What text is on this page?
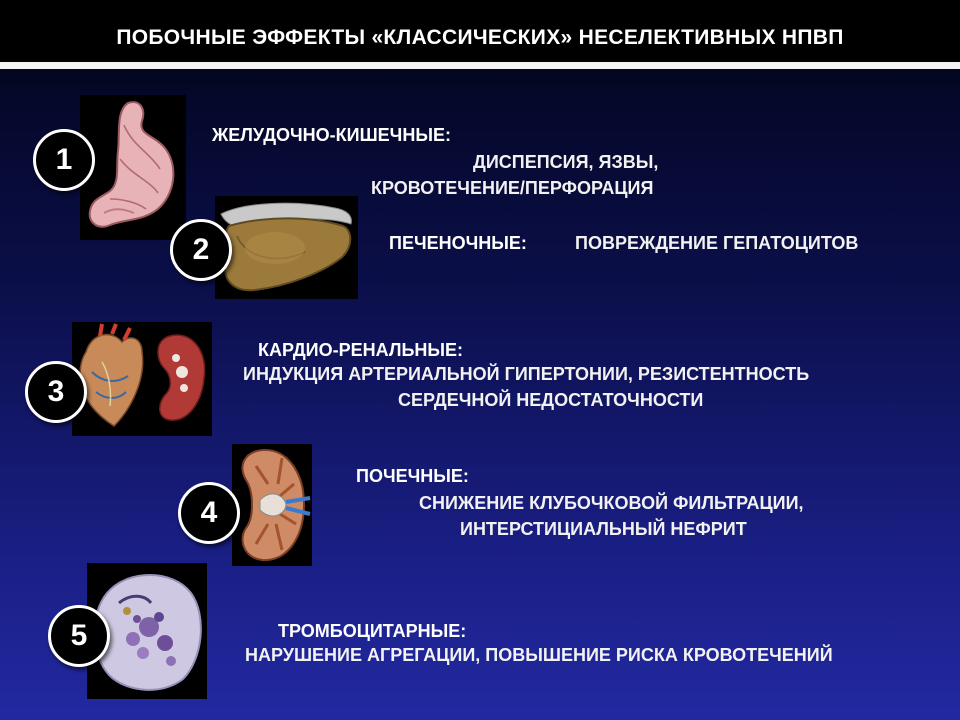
ПОБОЧНЫЕ ЭФФЕКТЫ «КЛАССИЧЕСКИХ» НЕСЕЛЕКТИВНЫХ НПВП
1
ЖЕЛУДОЧНО-КИШЕЧНЫЕ:
ДИСПЕПСИЯ, ЯЗВЫ,
КРОВОТЕЧЕНИЕ/ПЕРФОРАЦИЯ
2	ПЕЧЕНОЧНЫЕ:	ПОВРЕЖДЕНИЕ ГЕПАТОЦИТОВ
3
КАРДИО-РЕНАЛЬНЫЕ:
ИНДУКЦИЯ АРТЕРИАЛЬНОЙ ГИПЕРТОНИИ, РЕЗИСТЕНТНОСТЬ
СЕРДЕЧНОЙ НЕДОСТАТОЧНОСТИ
4
ПОЧЕЧНЫЕ:
СНИЖЕНИЕ КЛУБОЧКОВОЙ ФИЛЬТРАЦИИ,
ИНТЕРСТИЦИАЛЬНЫЙ НЕФРИТ
5	ТРОМБОЦИТАРНЫЕ:
НАРУШЕНИЕ АГРЕГАЦИИ, ПОВЫШЕНИЕ РИСКА КРОВОТЕЧЕНИЙ
